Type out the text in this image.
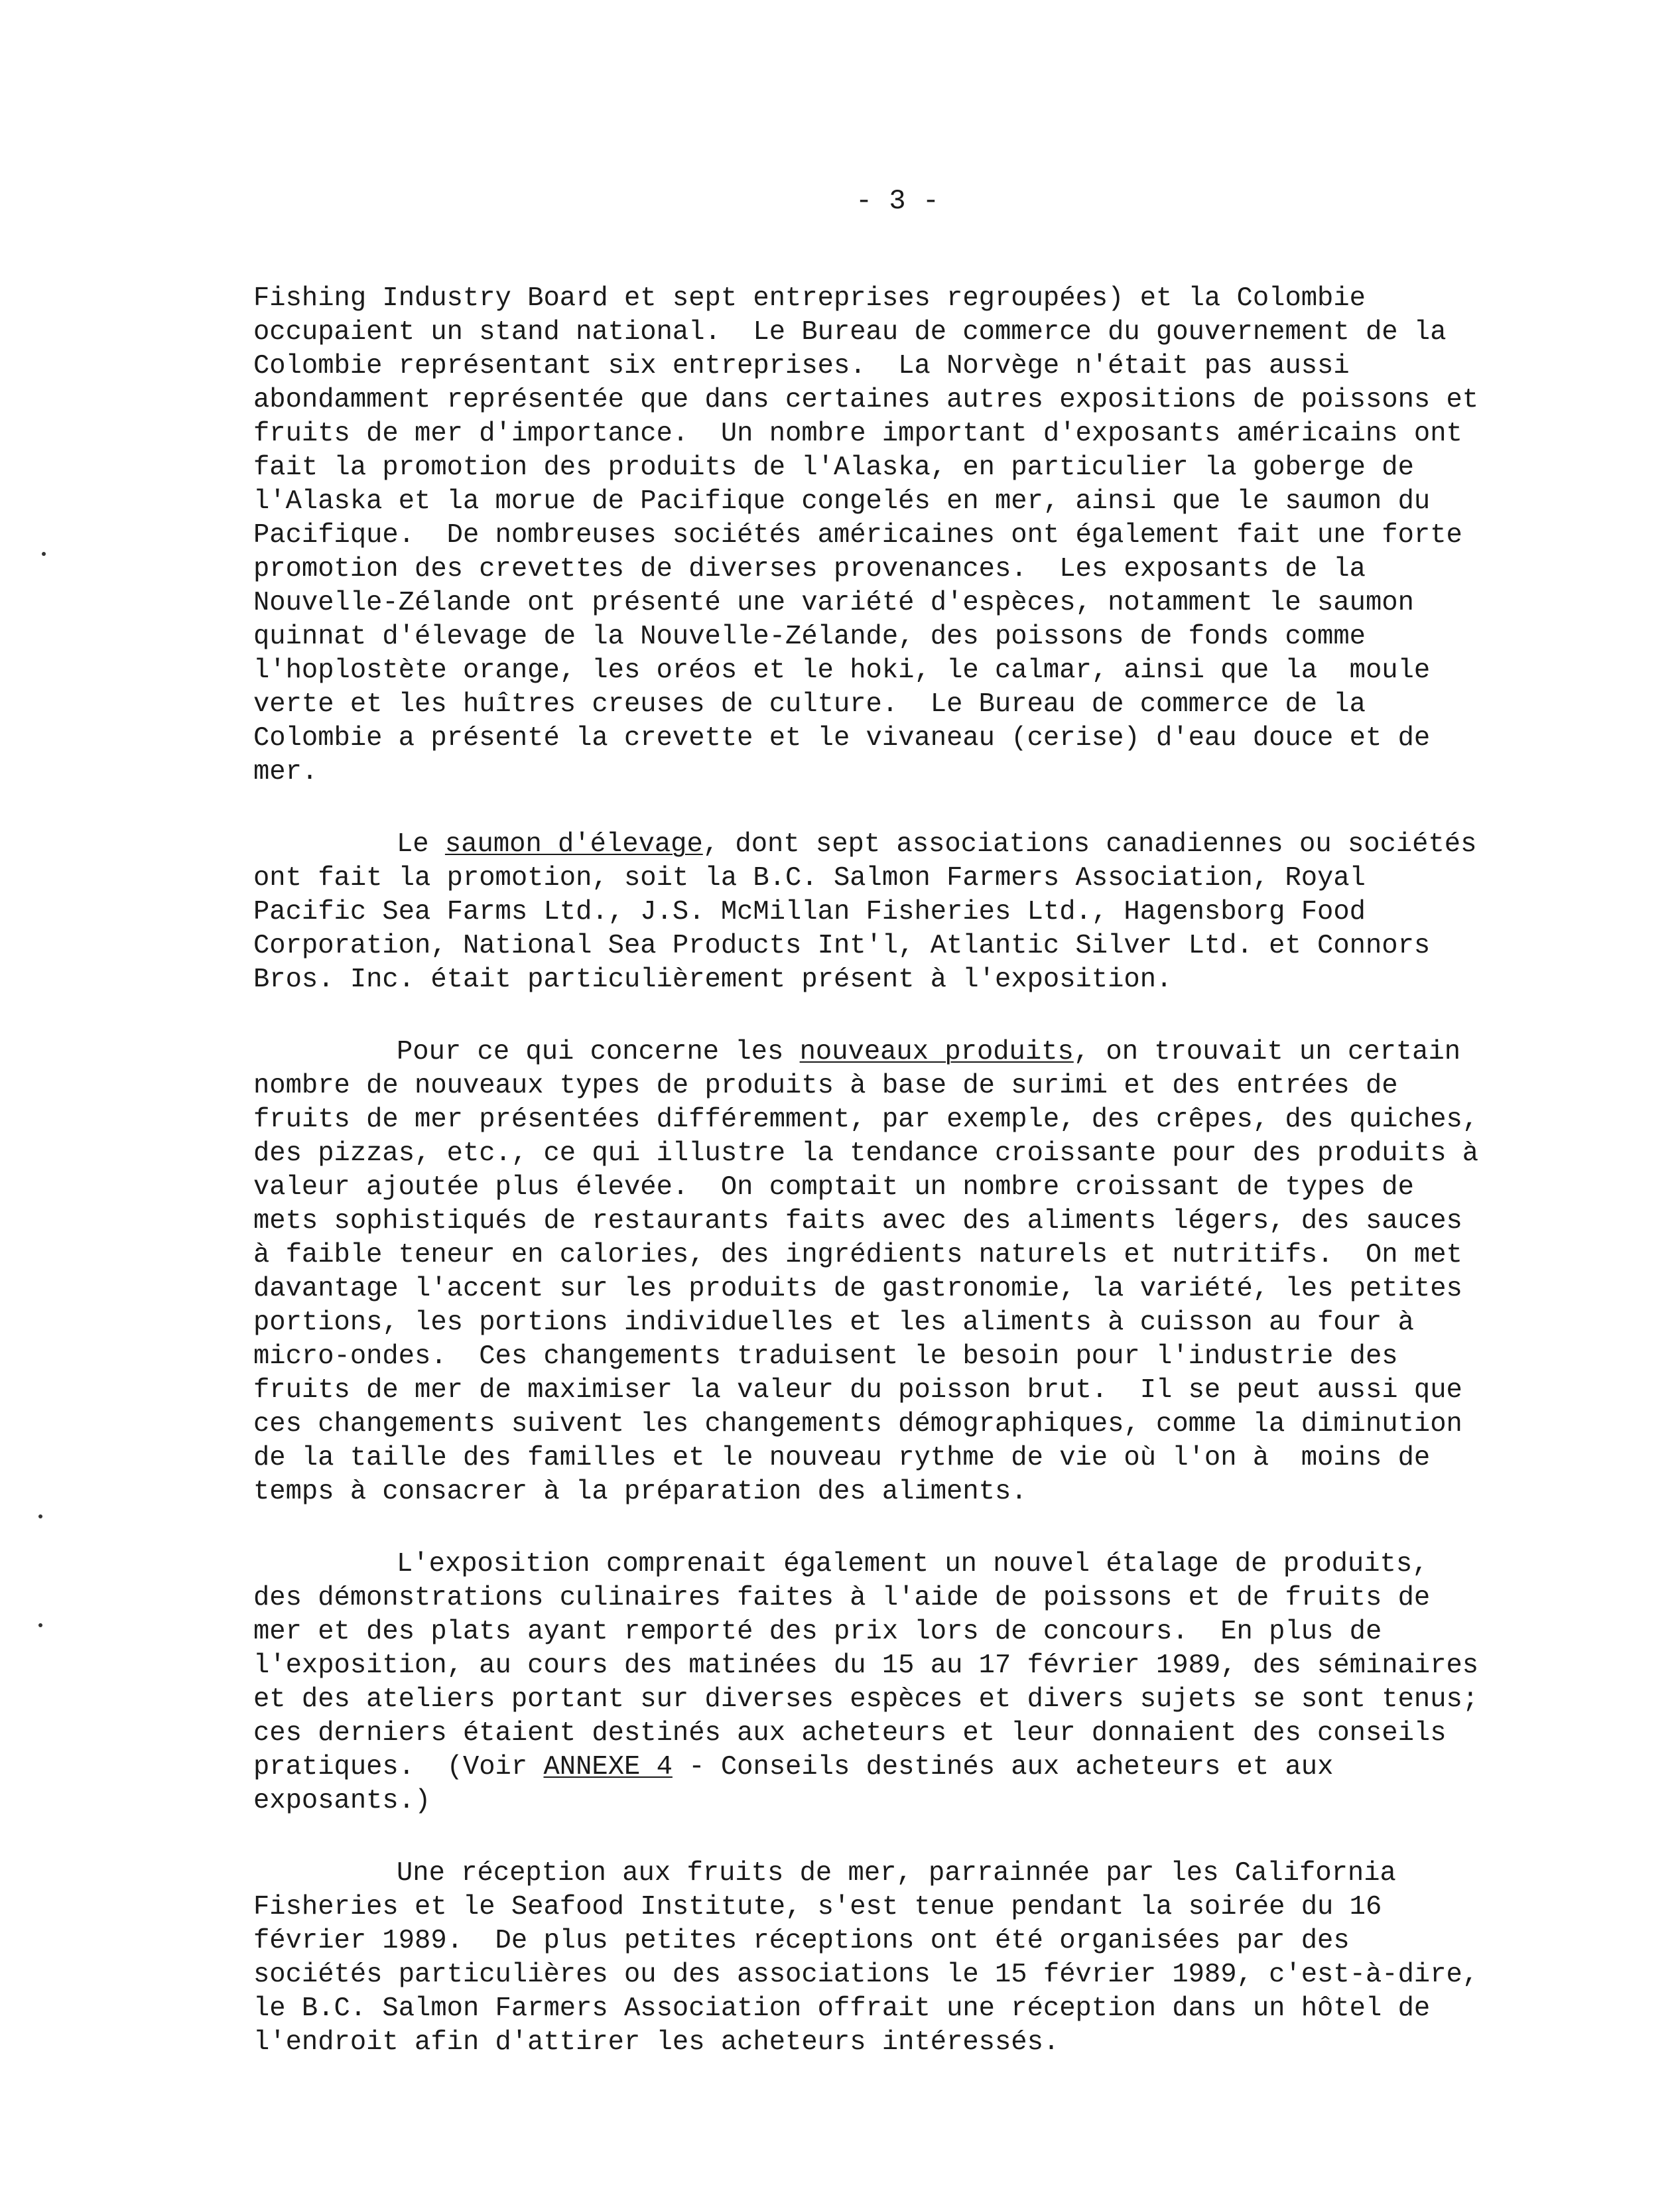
- 3 -
Fishing Industry Board et sept entreprises regroupées) et la Colombie
occupaient un stand national.  Le Bureau de commerce du gouvernement de la
Colombie représentant six entreprises.  La Norvège n'était pas aussi
abondamment représentée que dans certaines autres expositions de poissons et
fruits de mer d'importance.  Un nombre important d'exposants américains ont
fait la promotion des produits de l'Alaska, en particulier la goberge de
l'Alaska et la morue de Pacifique congelés en mer, ainsi que le saumon du
Pacifique.  De nombreuses sociétés américaines ont également fait une forte
promotion des crevettes de diverses provenances.  Les exposants de la
Nouvelle-Zélande ont présenté une variété d'espèces, notamment le saumon
quinnat d'élevage de la Nouvelle-Zélande, des poissons de fonds comme
l'hoplostète orange, les oréos et le hoki, le calmar, ainsi que la  moule
verte et les huîtres creuses de culture.  Le Bureau de commerce de la
Colombie a présenté la crevette et le vivaneau (cerise) d'eau douce et de
mer.
Le saumon d'élevage, dont sept associations canadiennes ou sociétés
ont fait la promotion, soit la B.C. Salmon Farmers Association, Royal
Pacific Sea Farms Ltd., J.S. McMillan Fisheries Ltd., Hagensborg Food
Corporation, National Sea Products Int'l, Atlantic Silver Ltd. et Connors
Bros. Inc. était particulièrement présent à l'exposition.
Pour ce qui concerne les nouveaux produits, on trouvait un certain
nombre de nouveaux types de produits à base de surimi et des entrées de
fruits de mer présentées différemment, par exemple, des crêpes, des quiches,
des pizzas, etc., ce qui illustre la tendance croissante pour des produits à
valeur ajoutée plus élevée.  On comptait un nombre croissant de types de
mets sophistiqués de restaurants faits avec des aliments légers, des sauces
à faible teneur en calories, des ingrédients naturels et nutritifs.  On met
davantage l'accent sur les produits de gastronomie, la variété, les petites
portions, les portions individuelles et les aliments à cuisson au four à
micro-ondes.  Ces changements traduisent le besoin pour l'industrie des
fruits de mer de maximiser la valeur du poisson brut.  Il se peut aussi que
ces changements suivent les changements démographiques, comme la diminution
de la taille des familles et le nouveau rythme de vie où l'on à  moins de
temps à consacrer à la préparation des aliments.
L'exposition comprenait également un nouvel étalage de produits,
des démonstrations culinaires faites à l'aide de poissons et de fruits de
mer et des plats ayant remporté des prix lors de concours.  En plus de
l'exposition, au cours des matinées du 15 au 17 février 1989, des séminaires
et des ateliers portant sur diverses espèces et divers sujets se sont tenus;
ces derniers étaient destinés aux acheteurs et leur donnaient des conseils
pratiques.  (Voir ANNEXE 4 - Conseils destinés aux acheteurs et aux
exposants.)
Une réception aux fruits de mer, parrainnée par les California
Fisheries et le Seafood Institute, s'est tenue pendant la soirée du 16
février 1989.  De plus petites réceptions ont été organisées par des
sociétés particulières ou des associations le 15 février 1989, c'est-à-dire,
le B.C. Salmon Farmers Association offrait une réception dans un hôtel de
l'endroit afin d'attirer les acheteurs intéressés.
